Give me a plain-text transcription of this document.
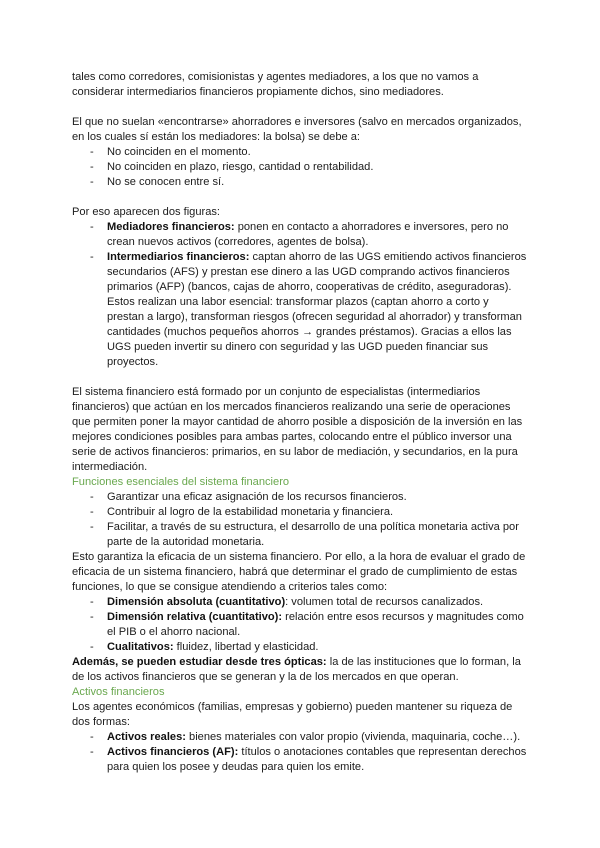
tales como corredores, comisionistas y agentes mediadores, a los que no vamos a considerar intermediarios financieros propiamente dichos, sino mediadores.

El que no suelan «encontrarse» ahorradores e inversores (salvo en mercados organizados, en los cuales sí están los mediadores: la bolsa) se debe a:

- No coinciden en el momento.
- No coinciden en plazo, riesgo, cantidad o rentabilidad.
- No se conocen entre sí.

Por eso aparecen dos figuras:

- Mediadores financieros: ponen en contacto a ahorradores e inversores, pero no crean nuevos activos (corredores, agentes de bolsa).
- Intermediarios financieros: captan ahorro de las UGS emitiendo activos financieros secundarios (AFS) y prestan ese dinero a las UGD comprando activos financieros primarios (AFP) (bancos, cajas de ahorro, cooperativas de crédito, aseguradoras). Estos realizan una labor esencial: transformar plazos (captan ahorro a corto y prestan a largo), transforman riesgos (ofrecen seguridad al ahorrador) y transforman cantidades (muchos pequeños ahorros → grandes préstamos). Gracias a ellos las UGS pueden invertir su dinero con seguridad y las UGD pueden financiar sus proyectos.

El sistema financiero está formado por un conjunto de especialistas (intermediarios financieros) que actúan en los mercados financieros realizando una serie de operaciones que permiten poner la mayor cantidad de ahorro posible a disposición de la inversión en las mejores condiciones posibles para ambas partes, colocando entre el público inversor una serie de activos financieros: primarios, en su labor de mediación, y secundarios, en la pura intermediación.

Funciones esenciales del sistema financiero

- Garantizar una eficaz asignación de los recursos financieros.
- Contribuir al logro de la estabilidad monetaria y financiera.
- Facilitar, a través de su estructura, el desarrollo de una política monetaria activa por parte de la autoridad monetaria.

Esto garantiza la eficacia de un sistema financiero. Por ello, a la hora de evaluar el grado de eficacia de un sistema financiero, habrá que determinar el grado de cumplimiento de estas funciones, lo que se consigue atendiendo a criterios tales como:

- Dimensión absoluta (cuantitativo): volumen total de recursos canalizados.
- Dimensión relativa (cuantitativo): relación entre esos recursos y magnitudes como el PIB o el ahorro nacional.
- Cualitativos: fluidez, libertad y elasticidad.

Además, se pueden estudiar desde tres ópticas: la de las instituciones que lo forman, la de los activos financieros que se generan y la de los mercados en que operan.

Activos financieros

Los agentes económicos (familias, empresas y gobierno) pueden mantener su riqueza de dos formas:

- Activos reales: bienes materiales con valor propio (vivienda, maquinaria, coche…).
- Activos financieros (AF): títulos o anotaciones contables que representan derechos para quien los posee y deudas para quien los emite.
